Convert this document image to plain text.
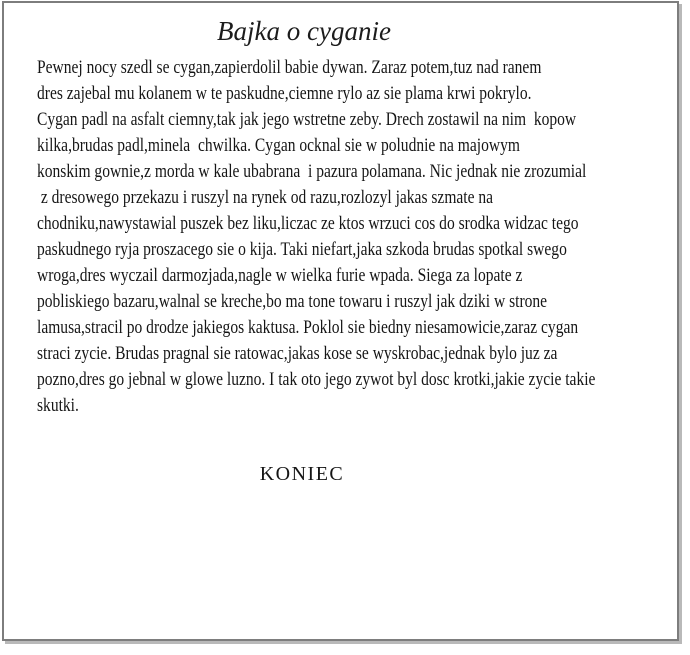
Bajka o cyganie
Pewnej nocy szedl se cygan,zapierdolil babie dywan. Zaraz potem,tuz nad ranem
dres zajebal mu kolanem w te paskudne,ciemne rylo az sie plama krwi pokrylo.
Cygan padl na asfalt ciemny,tak jak jego wstretne zeby. Drech zostawil na nim  kopow
kilka,brudas padl,minela  chwilka. Cygan ocknal sie w poludnie na majowym
konskim gownie,z morda w kale ubabrana  i pazura polamana. Nic jednak nie zrozumial
z dresowego przekazu i ruszyl na rynek od razu,rozlozyl jakas szmate na
chodniku,nawystawial puszek bez liku,liczac ze ktos wrzuci cos do srodka widzac tego
paskudnego ryja proszacego sie o kija. Taki niefart,jaka szkoda brudas spotkal swego
wroga,dres wyczail darmozjada,nagle w wielka furie wpada. Siega za lopate z
pobliskiego bazaru,walnal se kreche,bo ma tone towaru i ruszyl jak dziki w strone
lamusa,stracil po drodze jakiegos kaktusa. Poklol sie biedny niesamowicie,zaraz cygan
straci zycie. Brudas pragnal sie ratowac,jakas kose se wyskrobac,jednak bylo juz za
pozno,dres go jebnal w glowe luzno. I tak oto jego zywot byl dosc krotki,jakie zycie takie
skutki.
KONIEC
